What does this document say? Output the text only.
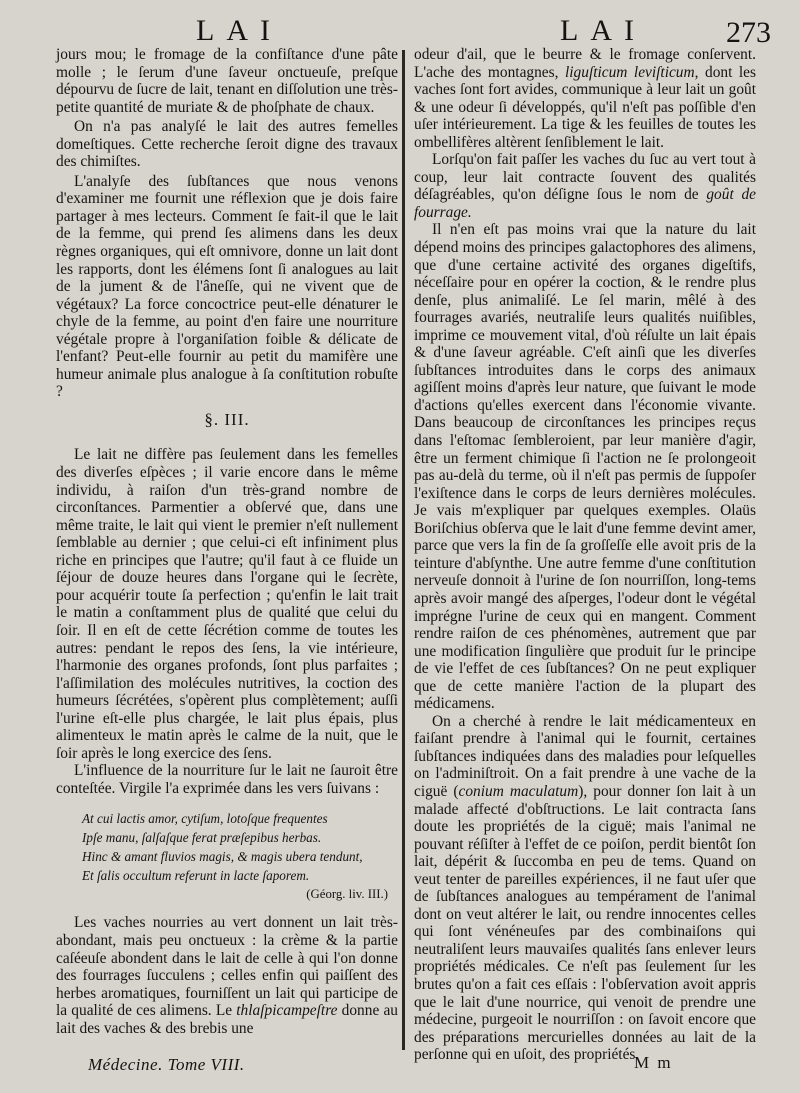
LAI	LAI	273

jours mou; le fromage de la confiſtance d'une pâte molle ; le ſerum d'une ſaveur onctueuſe, preſque dépourvu de ſucre de lait, tenant en diſſolution une très-petite quantité de muriate & de phoſphate de chaux.

On n'a pas analyſé le lait des autres femelles domeſtiques. Cette recherche ſeroit digne des travaux des chimiſtes.

L'analyſe des ſubſtances que nous venons d'examiner me fournit une réflexion que je dois faire partager à mes lecteurs. Comment ſe fait-il que le lait de la femme, qui prend ſes alimens dans les deux règnes organiques, qui eſt omnivore, donne un lait dont les rapports, dont les élémens ſont ſi analogues au lait de la jument & de l'âneſſe, qui ne vivent que de végétaux? La force concoctrice peut-elle dénaturer le chyle de la femme, au point d'en faire une nourriture végétale propre à l'organiſation foible & délicate de l'enfant? Peut-elle fournir au petit du mamifère une humeur animale plus analogue à ſa conſtitution robuſte ?

§. III.

Le lait ne diffère pas ſeulement dans les femelles des diverſes eſpèces ; il varie encore dans le même individu, à raiſon d'un très-grand nombre de circonſtances. Parmentier a obſervé que, dans une même traite, le lait qui vient le premier n'eſt nullement ſemblable au dernier ; que celui-ci eſt infiniment plus riche en principes que l'autre; qu'il faut à ce fluide un ſéjour de douze heures dans l'organe qui le ſecrète, pour acquérir toute ſa perfection ; qu'enfin le lait trait le matin a conſtamment plus de qualité que celui du ſoir. Il en eſt de cette ſécrétion comme de toutes les autres: pendant le repos des ſens, la vie intérieure, l'harmonie des organes profonds, ſont plus parfaites ; l'aſſimilation des molécules nutritives, la coction des humeurs ſécrétées, s'opèrent plus complètement; auſſi l'urine eſt-elle plus chargée, le lait plus épais, plus alimenteux le matin après le calme de la nuit, que le ſoir après le long exercice des ſens.

L'influence de la nourriture ſur le lait ne ſauroit être conteſtée. Virgile l'a exprimée dans les vers ſuivans :

At cui lactis amor, cytiſum, lotoſque frequentes
Ipſe manu, ſalſaſque ferat præſepibus herbas.
Hinc & amant fluvios magis, & magis ubera tendunt,
Et ſalis occultum referunt in lacte ſaporem.
(Géorg. liv. III.)

Les vaches nourries au vert donnent un lait très-abondant, mais peu onctueux : la crème & la partie caſéeuſe abondent dans le lait de celle à qui l'on donne des fourrages ſucculens ; celles enfin qui paiſſent des herbes aromatiques, fourniſſent un lait qui participe de la qualité de ces alimens. Le thlaſpicampeſtre donne au lait des vaches & des brebis une

odeur d'ail, que le beurre & le fromage conſervent. L'ache des montagnes, liguſticum leviſticum, dont les vaches ſont fort avides, communique à leur lait un goût & une odeur ſi développés, qu'il n'eſt pas poſſible d'en uſer intérieurement. La tige & les feuilles de toutes les ombellifères altèrent ſenſiblement le lait.

Lorſqu'on fait paſſer les vaches du ſuc au vert tout à coup, leur lait contracte ſouvent des qualités déſagréables, qu'on déſigne ſous le nom de goût de fourrage.

Il n'en eſt pas moins vrai que la nature du lait dépend moins des principes galactophores des alimens, que d'une certaine activité des organes digeſtifs, néceſſaire pour en opérer la coction, & le rendre plus denſe, plus animaliſé. Le ſel marin, mêlé à des fourrages avariés, neutraliſe leurs qualités nuiſibles, imprime ce mouvement vital, d'où réſulte un lait épais & d'une ſaveur agréable. C'eſt ainſi que les diverſes ſubſtances introduites dans le corps des animaux agiſſent moins d'après leur nature, que ſuivant le mode d'actions qu'elles exercent dans l'économie vivante. Dans beaucoup de circonſtances les principes reçus dans l'eſtomac ſembleroient, par leur manière d'agir, être un ferment chimique ſi l'action ne ſe prolongeoit pas au-delà du terme, où il n'eſt pas permis de ſuppoſer l'exiſtence dans le corps de leurs dernières molécules. Je vais m'expliquer par quelques exemples. Olaüs Boriſchius obſerva que le lait d'une femme devint amer, parce que vers la fin de ſa groſſeſſe elle avoit pris de la teinture d'abſynthe. Une autre femme d'une conſtitution nerveuſe donnoit à l'urine de ſon nourriſſon, long-tems après avoir mangé des aſperges, l'odeur dont le végétal imprégne l'urine de ceux qui en mangent. Comment rendre raiſon de ces phénomènes, autrement que par une modification ſingulière que produit ſur le principe de vie l'effet de ces ſubſtances? On ne peut expliquer que de cette manière l'action de la plupart des médicamens.

On a cherché à rendre le lait médicamenteux en faiſant prendre à l'animal qui le fournit, certaines ſubſtances indiquées dans des maladies pour leſquelles on l'adminiſtroit. On a fait prendre à une vache de la ciguë (conium maculatum), pour donner ſon lait à un malade affecté d'obſtructions. Le lait contracta ſans doute les propriétés de la ciguë; mais l'animal ne pouvant réſiſter à l'effet de ce poiſon, perdit bientôt ſon lait, dépérit & ſuccomba en peu de tems. Quand on veut tenter de pareilles expériences, il ne faut uſer que de ſubſtances analogues au tempérament de l'animal dont on veut altérer le lait, ou rendre innocentes celles qui ſont vénéneuſes par des combinaiſons qui neutraliſent leurs mauvaiſes qualités ſans enlever leurs propriétés médicales. Ce n'eſt pas ſeulement ſur les brutes qu'on a fait ces eſſais : l'obſervation avoit appris que le lait d'une nourrice, qui venoit de prendre une médecine, purgeoit le nourriſſon : on ſavoit encore que des préparations mercurielles données au lait de la perſonne qui en uſoit, des propriétés

Médecine. Tome VIII.	M m
